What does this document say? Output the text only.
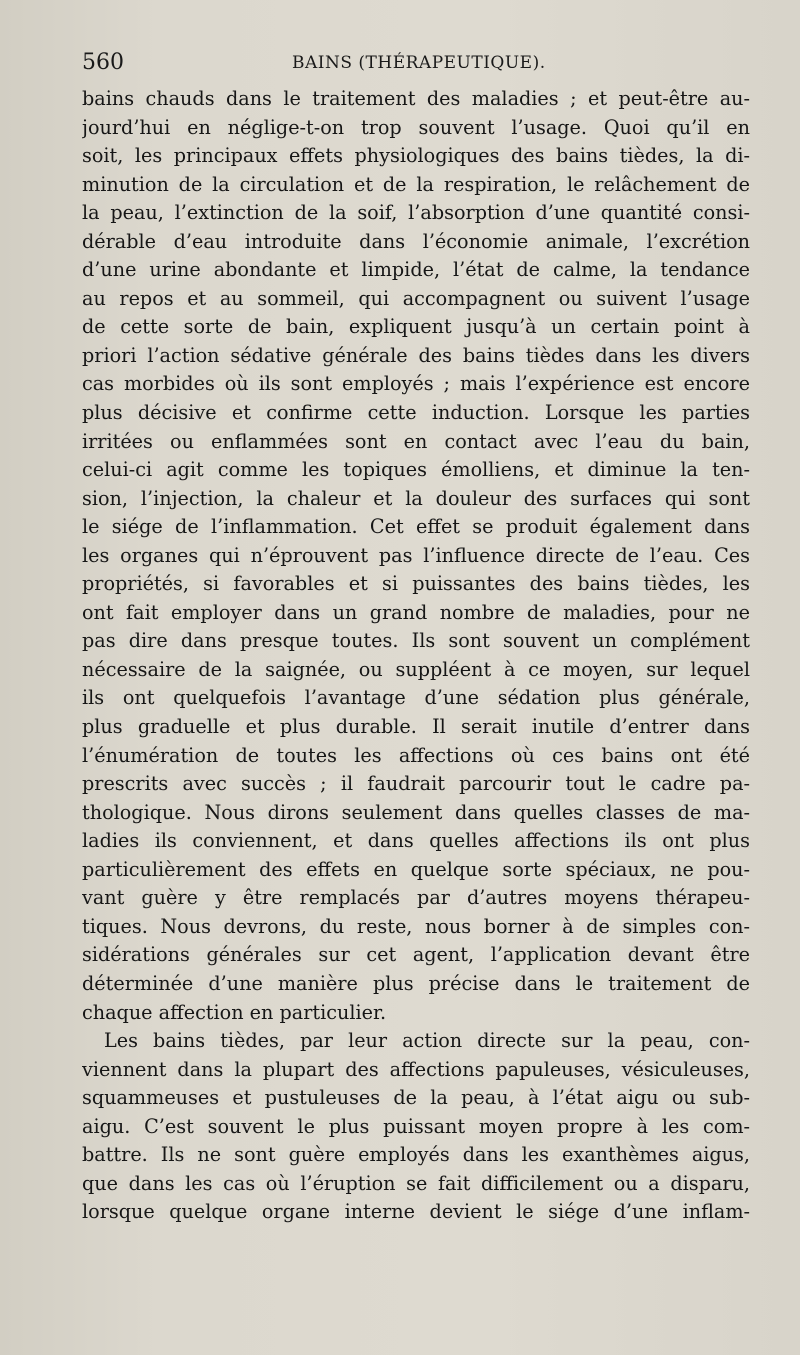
560	BAINS (THÉRAPEUTIQUE).
bains chauds dans le traitement des maladies ; et peut-être au-
jourd’hui en néglige-t-on trop souvent l’usage. Quoi qu’il en
soit, les principaux effets physiologiques des bains tièdes, la di-
minution de la circulation et de la respiration, le relâchement de
la peau, l’extinction de la soif, l’absorption d’une quantité consi-
dérable d’eau introduite dans l’économie animale, l’excrétion
d’une urine abondante et limpide, l’état de calme, la tendance
au repos et au sommeil, qui accompagnent ou suivent l’usage
de cette sorte de bain, expliquent jusqu’à un certain point à
priori l’action sédative générale des bains tièdes dans les divers
cas morbides où ils sont employés ; mais l’expérience est encore
plus décisive et confirme cette induction. Lorsque les parties
irritées ou enflammées sont en contact avec l’eau du bain,
celui-ci agit comme les topiques émolliens, et diminue la ten-
sion, l’injection, la chaleur et la douleur des surfaces qui sont
le siége de l’inflammation. Cet effet se produit également dans
les organes qui n’éprouvent pas l’influence directe de l’eau. Ces
propriétés, si favorables et si puissantes des bains tièdes, les
ont fait employer dans un grand nombre de maladies, pour ne
pas dire dans presque toutes. Ils sont souvent un complément
nécessaire de la saignée, ou suppléent à ce moyen, sur lequel
ils ont quelquefois l’avantage d’une sédation plus générale,
plus graduelle et plus durable. Il serait inutile d’entrer dans
l’énumération de toutes les affections où ces bains ont été
prescrits avec succès ; il faudrait parcourir tout le cadre pa-
thologique. Nous dirons seulement dans quelles classes de ma-
ladies ils conviennent, et dans quelles affections ils ont plus
particulièrement des effets en quelque sorte spéciaux, ne pou-
vant guère y être remplacés par d’autres moyens thérapeu-
tiques. Nous devrons, du reste, nous borner à de simples con-
sidérations générales sur cet agent, l’application devant être
déterminée d’une manière plus précise dans le traitement de
chaque affection en particulier.
Les bains tièdes, par leur action directe sur la peau, con-
viennent dans la plupart des affections papuleuses, vésiculeuses,
squammeuses et pustuleuses de la peau, à l’état aigu ou sub-
aigu. C’est souvent le plus puissant moyen propre à les com-
battre. Ils ne sont guère employés dans les exanthèmes aigus,
que dans les cas où l’éruption se fait difficilement ou a disparu,
lorsque quelque organe interne devient le siége d’une inflam-
